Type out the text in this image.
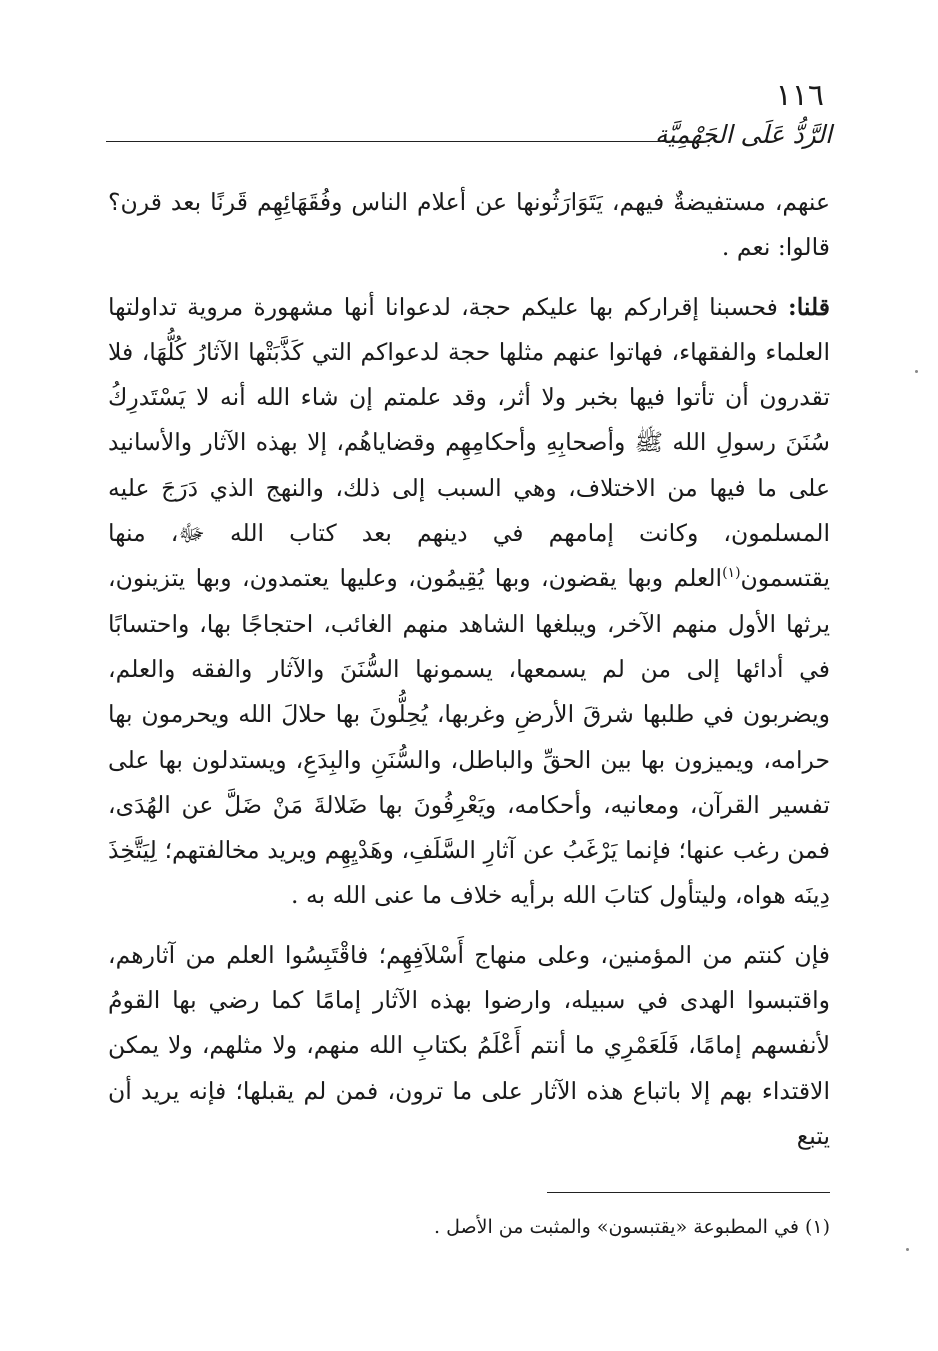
١١٦
الرَّدُّ عَلَى الجَهْمِيَّة

عنهم، مستفيضةٌ فيهم، يَتَوَارَثُونها عن أعلام الناس وفُقَهَائِهِم قَرنًا بعد قرن؟ قالوا: نعم .

قلنا: فحسبنا إقراركم بها عليكم حجة، لدعوانا أنها مشهورة مروية تداولتها العلماء والفقهاء، فهاتوا عنهم مثلها حجة لدعواكم التي كَذَّبَتْها الآثارُ كُلُّهَا، فلا تقدرون أن تأتوا فيها بخبر ولا أثر، وقد علمتم إن شاء الله أنه لا يَسْتَدرِكُ سُنَنَ رسولِ الله ﷺ وأصحابِهِ وأحكامِهِم وقضاياهُم، إلا بهذه الآثار والأسانيد على ما فيها من الاختلاف، وهي السبب إلى ذلك، والنهج الذي دَرَجَ عليه المسلمون، وكانت إمامهم في دينهم بعد كتاب الله ﷻ، منها يقتسمون$^{(١)}$العلم وبها يقضون، وبها يُقِيمُون، وعليها يعتمدون، وبها يتزينون، يرثها الأول منهم الآخر، ويبلغها الشاهد منهم الغائب، احتجاجًا بها، واحتسابًا في أدائها إلى من لم يسمعها، يسمونها السُّنَنَ والآثار والفقه والعلم، ويضربون في طلبها شرقَ الأرضِ وغربها، يُحِلُّونَ بها حلالَ الله ويحرمون بها حرامه، ويميزون بها بين الحقِّ والباطل، والسُّنَنِ والبِدَعِ، ويستدلون بها على تفسير القرآن، ومعانيه، وأحكامه، ويَعْرِفُونَ بها ضَلالةَ مَنْ ضَلَّ عن الهُدَى، فمن رغب عنها؛ فإنما يَرْغَبُ عن آثارِ السَّلَفِ، وهَدْيِهِم ويريد مخالفتهم؛ لِيَتَّخِذَ دِينَه هواه، وليتأول كتابَ الله برأيه خلاف ما عنى الله به .

فإن كنتم من المؤمنين، وعلى منهاج أَسْلاَفِهِم؛ فاقْتَبِسُوا العلم من آثارهم، واقتبسوا الهدى في سبيله، وارضوا بهذه الآثار إمامًا كما رضي بها القومُ لأنفسهم إمامًا، فَلَعَمْرِي ما أنتم أَعْلَمُ بكتابِ الله منهم، ولا مثلهم، ولا يمكن الاقتداء بهم إلا باتباع هذه الآثار على ما ترون، فمن لم يقبلها؛ فإنه يريد أن يتبع

(١) في المطبوعة «يقتبسون» والمثبت من الأصل .
